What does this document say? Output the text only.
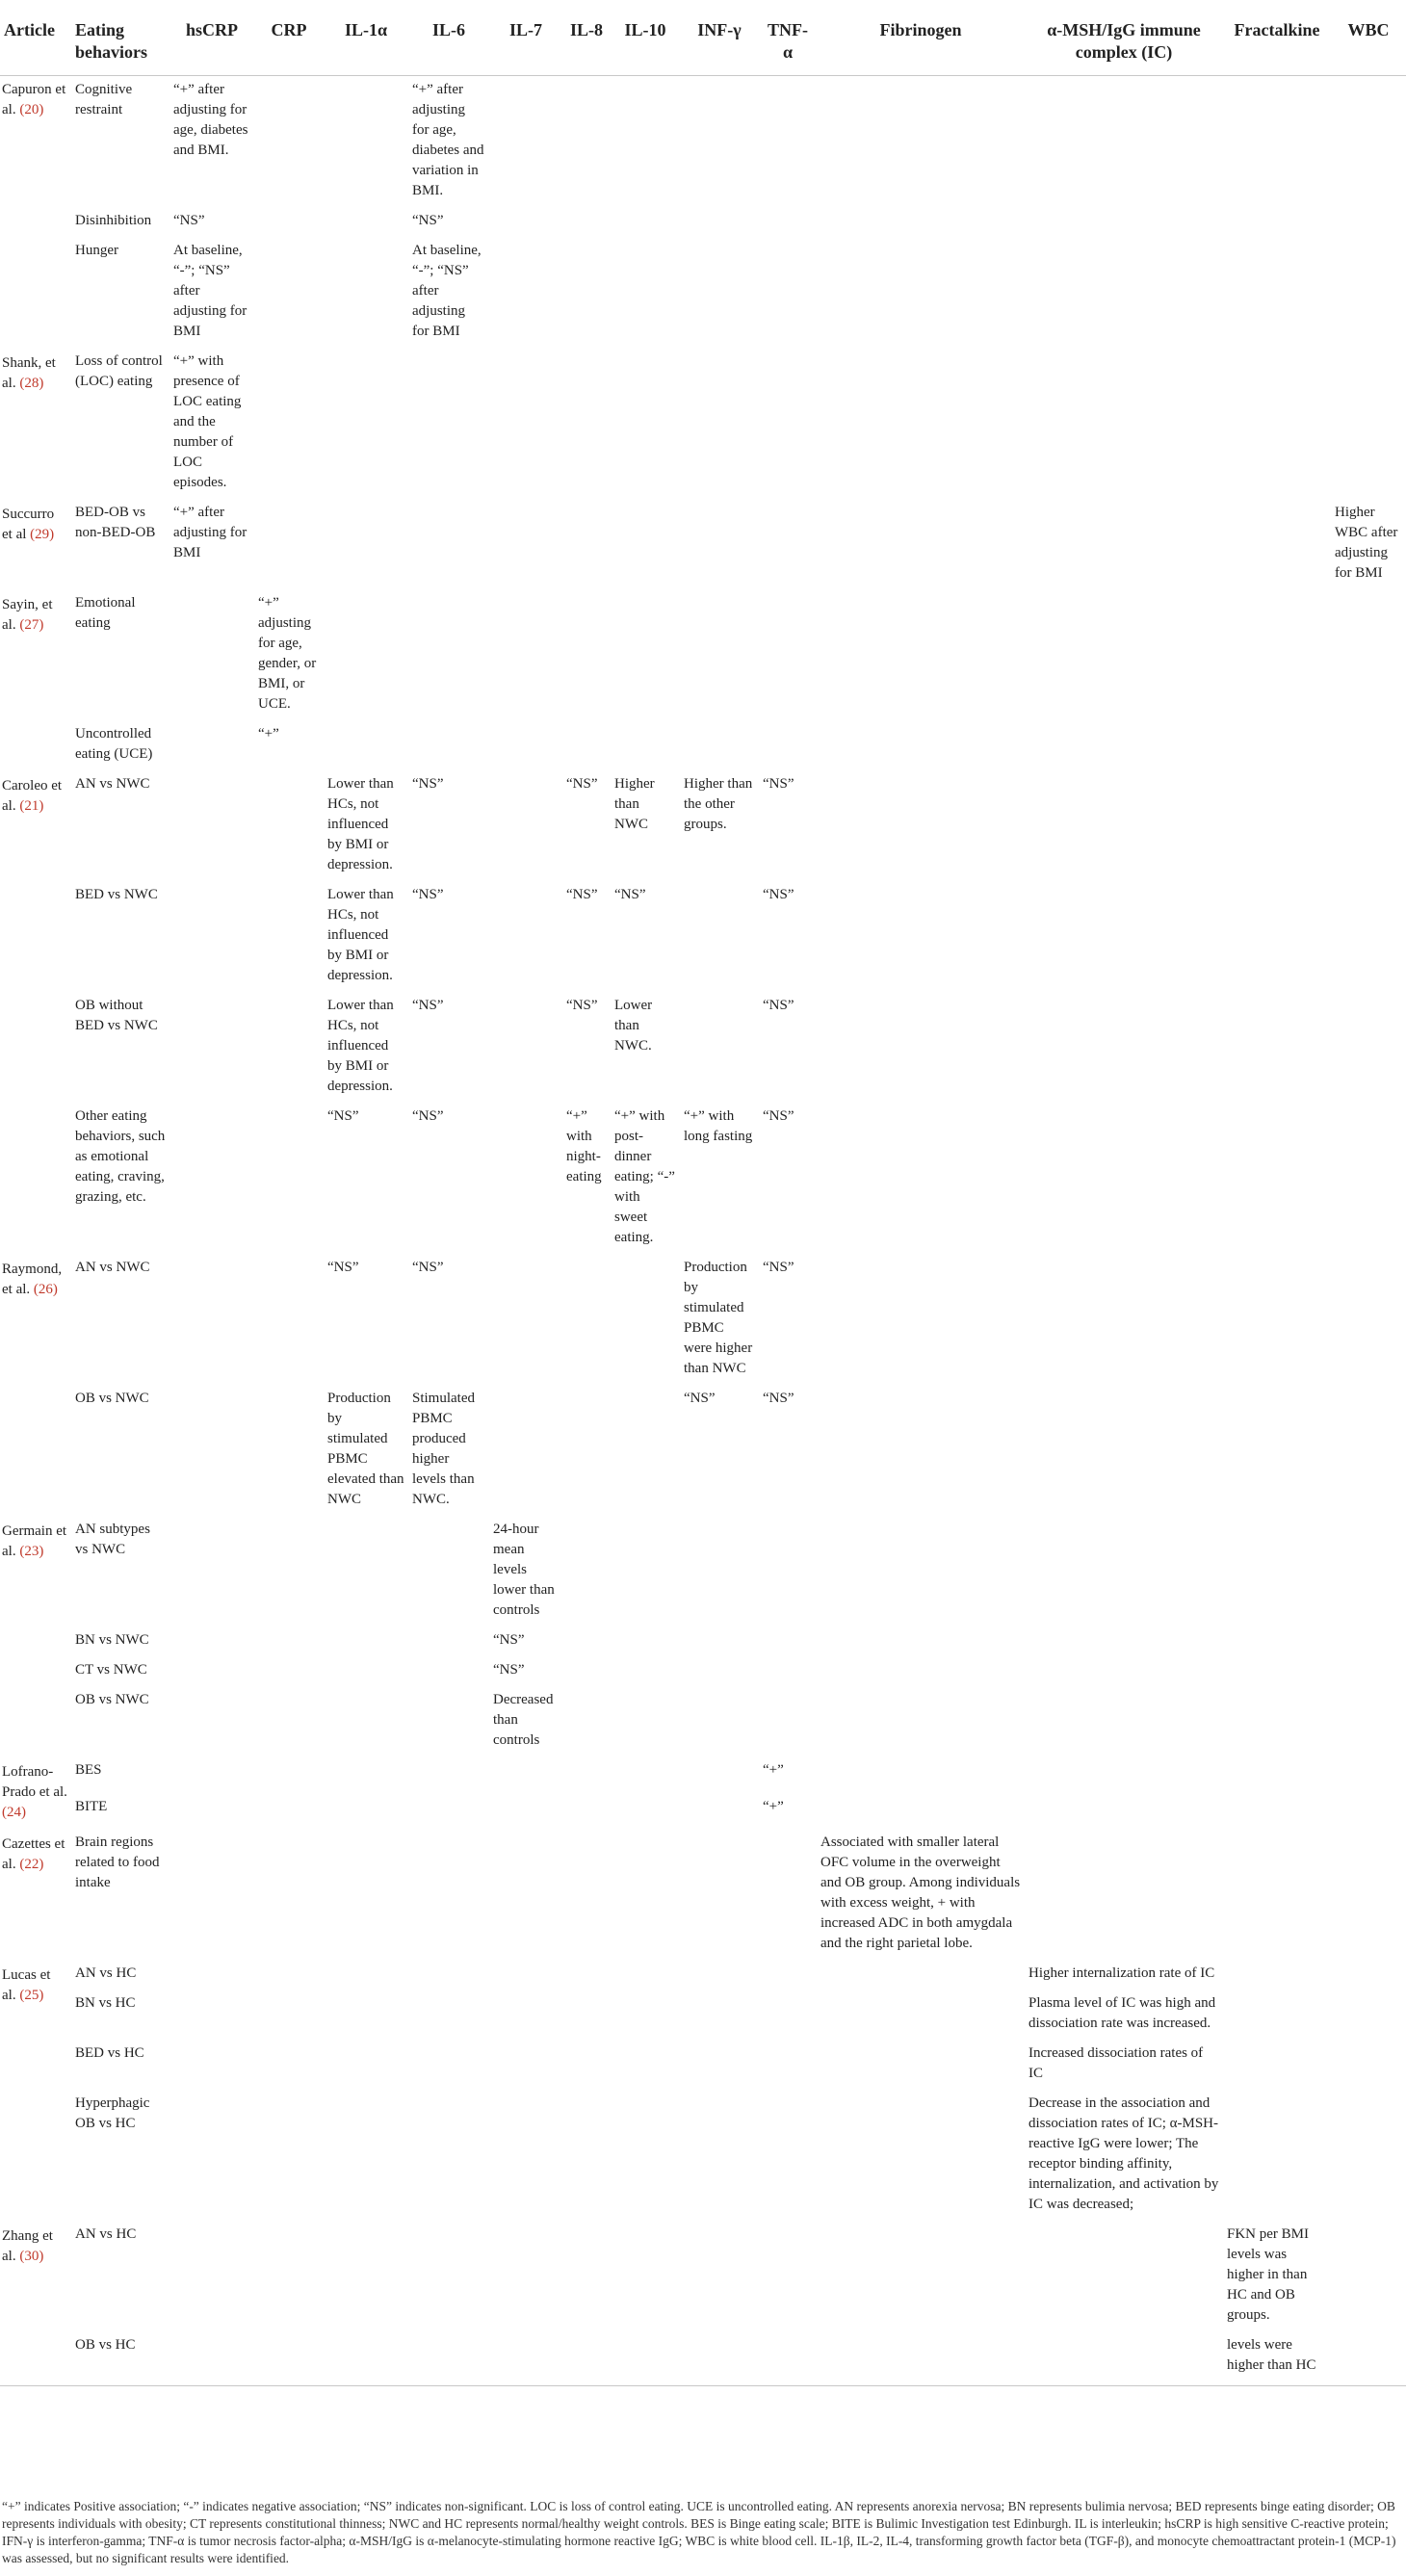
Article	Eating behaviors	hsCRP	CRP	IL-1α	IL-6	IL-7	IL-8	IL-10	INF-γ	TNF-α	Fibrinogen	α-MSH/IgG immune complex (IC)	Fractalkine	WBC
Capuron et al. (20)	Cognitive restraint	“+” after adjusting for age, diabetes and BMI.			“+” after adjusting for age, diabetes and variation in BMI.									
	Disinhibition	“NS”			“NS”									
	Hunger	At baseline, “-”; “NS” after adjusting for BMI			At baseline, “-”; “NS” after adjusting for BMI									
Shank, et al. (28)	Loss of control (LOC) eating	“+” with presence of LOC eating and the number of LOC episodes.												
Succurro et al (29)	BED-OB vs non-BED-OB	“+” after adjusting for BMI												Higher WBC after adjusting for BMI
Sayin, et al. (27)	Emotional eating		“+” adjusting for age, gender, or BMI, or UCE.											
	Uncontrolled eating (UCE)		“+”											
Caroleo et al. (21)	AN vs NWC			Lower than HCs, not influenced by BMI or depression.	“NS”		“NS”	Higher than NWC	Higher than the other groups.	“NS”				
	BED vs NWC			Lower than HCs, not influenced by BMI or depression.	“NS”		“NS”	“NS”		“NS”				
	OB without BED vs NWC			Lower than HCs, not influenced by BMI or depression.	“NS”		“NS”	Lower than NWC.		“NS”				
	Other eating behaviors, such as emotional eating, craving, grazing, etc.			“NS”	“NS”		“+” with night-eating	“+” with post-dinner eating; “-” with sweet eating.	“+” with long fasting	“NS”				
Raymond, et al. (26)	AN vs NWC			“NS”	“NS”				Production by stimulated PBMC were higher than NWC	“NS”				
	OB vs NWC			Production by stimulated PBMC elevated than NWC	Stimulated PBMC produced higher levels than NWC.				“NS”	“NS”				
Germain et al. (23)	AN subtypes vs NWC					24-hour mean levels lower than controls								
	BN vs NWC					“NS”								
	CT vs NWC					“NS”								
	OB vs NWC					Decreased than controls								
Lofrano-Prado et al. (24)	BES									“+”				
	BITE									“+”				
Cazettes et al. (22)	Brain regions related to food intake										Associated with smaller lateral OFC volume in the overweight and OB group. Among individuals with excess weight, + with increased ADC in both amygdala and the right parietal lobe.			
Lucas et al. (25)	AN vs HC											Higher internalization rate of IC		
	BN vs HC											Plasma level of IC was high and dissociation rate was increased.		
	BED vs HC											Increased dissociation rates of IC		
	Hyperphagic OB vs HC											Decrease in the association and dissociation rates of IC; α-MSH-reactive IgG were lower; The receptor binding affinity, internalization, and activation by IC was decreased;		
Zhang et al. (30)	AN vs HC												FKN per BMI levels was higher in than HC and OB groups.	
	OB vs HC												levels were higher than HC	
“+” indicates Positive association; “-” indicates negative association; “NS” indicates non-significant. LOC is loss of control eating. UCE is uncontrolled eating. AN represents anorexia nervosa; BN represents bulimia nervosa; BED represents binge eating disorder; OB represents individuals with obesity; CT represents constitutional thinness; NWC and HC represents normal/healthy weight controls. BES is Binge eating scale; BITE is Bulimic Investigation test Edinburgh. IL is interleukin; hsCRP is high sensitive C-reactive protein; IFN-γ is interferon-gamma; TNF-α is tumor necrosis factor-alpha; α-MSH/IgG is α-melanocyte-stimulating hormone reactive IgG; WBC is white blood cell. IL-1β, IL-2, IL-4, transforming growth factor beta (TGF-β), and monocyte chemoattractant protein-1 (MCP-1) was assessed, but no significant results were identified.
